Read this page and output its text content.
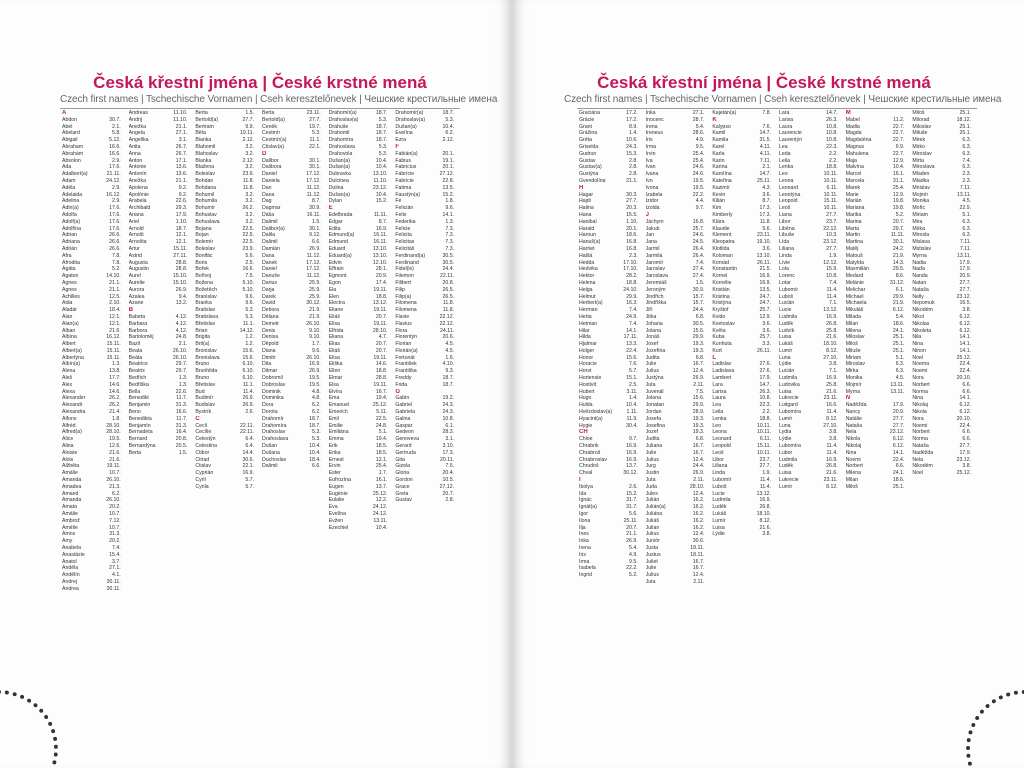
Česká křestní jména | České krstné mená
Czech first names | Tschechische Vornamen | Cseh keresztelőnevek | Чешские крестильные имена
A
Abdon	30.7.
Abel	2.1.
Abelard	5.8.
Abigail	5.12.
Abraham	16.6.
Abrahám	16.6.
Absolon	2.9.
Ada	17.6.
Adalbert(a)	21.11.
Adam	24.12.
Adéla	2.9.
Adelaida	16.12.
Adelina	2.9.
Adin(a)	17.6.
Adolfa	17.6.
Adolf(a)	17.6.
Adolfína	17.6.
Adrian	26.6.
Adriana	26.6.
Adrián	26.6.
Afra	7.8.
Afrodita	7.8.
Agáta	5.2.
Agaton	14.10.
Agnes	21.1.
Agnes	21.1.
Achilles	12.5.
Aida	2.10.
Aladár	18.4.
Alan	12.1.
Alan(a)	12.1.
Alban	21.6.
Albína	16.12.
Albert	15.11.
Albert(a)	15.11.
Albertýna	15.11.
Albín(a)	1.3.
Alena	13.8.
Aleš	17.7.
Alex	14.6.
Alexa	14.6.
Alexander	26.2.
Alexandr	26.2.
Alexandra	21.4.
Alfons	1.8.
Alfréd	28.10.
Alfred(a)	28.10.
Alice	19.5.
Alina	12.6.
Aloisie	21.6.
Alois	21.6.
Alžběta	19.11.
Amálie	10.7.
Amanda	26.10.
Amadea	21.3.
Amand	6.2.
Amanda	26.10.
Amata	20.2.
Amálie	10.7.
Ambrož	7.12.
Amélie	10.7.
Amos	31.3.
Amy	20.2.
Anabela	7.4.
Anastázie	15.4.
Anatol	3.7.
Anděla	27.1.
Andělín	4.1.
Andrej	30.11.
Andrea	30.11.
Andreas	11.10.
Andrij	11.10.
Anežka	21.1.
Angela	27.1.
Angelika	3.1.
Anita	26.7.
Anna	26.7.
Anton	17.1.
Antonie	13.6.
Antonín	13.6.
Anežka	21.1.
Apolena	9.2.
Apolónie	9.2.
Arabela	22.6.
Archibald	29.3.
Ariana	17.9.
Ariel	1.10.
Arnold	18.7.
Arnošt	12.1.
Arnošta	12.1.
Artur	15.11.
Astrid	27.11.
Augusta	28.8.
Augustin	28.8.
Aurel	15.10.
Aurelie	15.10.
Aurora	26.9.
Azalea	9.4.
Azarie	13.2.
B
Babeta	4.12.
Barbara	4.12.
Barbora	4.12.
Bartoloměj	24.8.
Bazil	2.1.
Beata	26.10.
Beáta	26.10.
Beatrice	29.7.
Beatrix	29.7.
Bedřich	1.3.
Bedřiška	1.3.
Bella	22.6.
Benedikt	11.7.
Benjamin	31.3.
Beno	16.6.
Benedikta	11.7.
Benjamín	31.3.
Bernadeta	16.4.
Bernard	20.8.
Bernardýna	20.5.
Berta	1.5.
Berta	1.5.
Bertold(a)	27.7.
Bertram	9.9.
Běta	19.11.
Bianka	2.12.
Blahomil	3.2.
Blahoslav	3.2.
Blanka	2.12.
Blažena	3.2.
Boleslav	23.9.
Bohdan	11.8.
Bohdana	11.8.
Bohumil	3.2.
Bohumila	3.2.
Bohumír	26.2.
Bohuslav	3.2.
Bohuslava	3.2.
Bojana	22.5.
Bojan	22.5.
Bolemír	22.5.
Boleslav	23.9.
Bonifác	5.6.
Boris	2.5.
Bořek	16.6.
Bořivoj	7.5.
Božena	5.10.
Božetěch	5.10.
Branislav	9.6.
Branka	9.6.
Bratislav	5.3.
Bratislava	5.3.
Břetislav	11.1.
Brian	14.12.
Brigita	1.2.
Brit(a)	1.2.
Bronislav	15.6.
Bronislava	15.6.
Bruno	6.10.
Brunhilda	6.10.
Bruno	6.10.
Břetislav	11.1.
Bud	11.4.
Budimír	26.9.
Budislav	26.9.
Bystrík	2.6.
C
Cecil	22.11.
Cecílie	22.11.
Celestýn	6.4.
Celestina	6.4.
Ctibor	14.4.
Ctirad	30.6.
Ctislav	22.1.
Cyprián	16.9.
Cyril	5.7.
Cyrila	5.7.
Berta	23.11.
Bertold(a)	27.7.
Čeněk	19.7.
Čestmír	5.3.
Čestmír(a)	11.1.
Čtislav(a)	22.1.
D
Dalibor	30.1.
Dalibora	30.1.
Daniel	17.12.
Daniela	17.12.
Dan	11.12.
Dana	11.12.
Dag	8.7.
Dagmar	30.9.
Dáša	16.11.
Dalimil	1.5.
Dalibor(a)	30.1.
Dalila	9.12.
Dalimil	6.6.
Damián	26.9.
Dana	11.12.
Danek	17.12.
Daniel	17.12.
Danuše	11.12.
Darius	25.9.
Darja	25.9.
Darek	25.9.
David	30.12.
Debora	21.9.
Dělana	21.9.
Demetr	26.10.
Denis	9.10.
Denisa	9.10.
Děpold	1.7.
Diana	9.6.
Dimitr	26.10.
Dita	16.9.
Ditmar	26.9.
Dobromil	19.5.
Dobroslav	19.5.
Dominik	4.8.
Dominika	4.8.
Dora	6.2.
Dorota	6.2.
Drahomír	18.7.
Drahomíra	18.7.
Drahoslav	5.3.
Drahoslava	5.3.
Dušan	10.4.
Dušana	10.4.
Duchoslav	18.4.
Dalimil	6.6.
Drahomír(a)	18.7.
Drahoslav(a)	5.3.
Drahuše	18.7.
Drahomil	18.7.
Drahomíra	18.7.
Drahoslava	5.3.
Drahovola	5.3.
Dušan(a)	10.4.
Dušan(a)	10.4.
Dubravka	13.10.
Dulcinea	11.10.
Dulina	23.12.
Dušan(a)	10.4.
Dylan	15.2.
E
Edelbrada	11.11.
Edgar	8.7.
Edita	16.9.
Edmund(a)	16.11.
Edmund	16.11.
Eduard	13.10.
Eduard(a)	13.10.
Edvin	12.10.
Effrain	28.1.
Egmont	20.9.
Egon	17.4.
Ela	19.11.
Elen	18.8.
Electra	13.12.
Eliane	19.11.
Eliáš	20.7.
Elisa	19.11.
Elfrida	28.10.
Eliana	4.7.
Elias	20.7.
Eliáš	20.7.
Elisa	19.11.
Eliška	14.6.
Ellen	18.8.
Elmar	28.8.
Elsa	19.11.
Elvíra	16.7.
Ema	19.4.
Emanuel	25.12.
Emerich	5.11.
Emil	22.5.
Emilie	24.8.
Emiliána	5.1.
Emma	19.4.
Erik	18.5.
Erika	18.5.
Ernest	12.1.
Ervin	25.4.
Ester	1.7.
Eufrozína	16.1.
Eugen	13.7.
Eugénie	25.12.
Eulalie	12.2.
Eva	24.12.
Evelína	24.12.
Evžen	13.11.
Ezechiel	10.4.
Drahomír(a)	18.7.
Drahoslav(a)	5.3.
Dušan(a)	10.4.
Evelína	6.2.
Ezra	2.12.
F
Fabián(a)	20.1.
Fabius	19.1.
Fabricius	20.1.
Fabrície	27.12.
Fabricie	22.8.
Fatima	13.5.
Faustýn(a)	15.2.
Fé	1.8.
Felicián	9.6.
Felix	14.1.
Federika	1.3.
Felicie	7.3.
Felicita	7.3.
Felicitas	7.3.
Felicitáš	7.3.
Ferdinand(a)	30.5.
Ferdinand	30.5.
Fidel(is)	24.4.
Filemon	22.11.
Filibert	20.8.
Filip	26.5.
Filip(a)	26.5.
Filomena	11.8.
Filomena	11.8.
Flavie	22.12.
Flavius	22.12.
Flora	24.11.
Florentýn	20.6.
Florian	4.5.
Florián(a)	4.5.
Fortunát	1.6.
František	4.10.
Františka	9.3.
Freddy	18.7.
Frida	18.7.
G
Gabin	19.2.
Gabriel	24.3.
Gabriela	24.3.
Galina	10.8.
Gaspar	6.1.
Gedeon	28.3.
Genoveva	3.1.
Gerard	3.10.
Gertruda	17.3.
Gita	20.11.
Gizela	7.5.
Gloria	20.4.
Gordon	10.5.
Grace	27.12.
Greta	20.7.
Gustav	2.8.
Česká křestní jména | České krstné mená
Czech first names | Tschechische Vornamen | Cseh keresztelőnevek | Чешские крестильные имена
Graciána	17.2.
Grácie	17.2.
Grant	8.9.
Grážina	1.4.
Gréta	10.6.
Griselda	24.3.
Gudrun	15.3.
Gustav	2.8.
Gustav(a)	2.8.
Gustýna	2.8.
Gvendolína	21.1.
H
Hagar	30.3.
Hajdi	27.7.
Halina	20.3.
Hana	15.5.
Hanibal	1.10.
Harald	20.1.
Haroun	18.6.
Hanuš(a)	16.8.
Harriet	16.8.
Hašlá	2.3.
Hedda	17.10.
Hedvika	17.10.
Hektor	28.2.
Helena	18.8.
Helga	24.10.
Helmut	29.9.
Herbert(a)	16.3.
Herman	7.4.
Herta	24.9.
Hetman	7.4.
Hilar	14.1.
Hilda	17.11.
Hjalmar	13.3.
Holger	22.4.
Honor	15.6.
Horacie	7.6.
Horst	5.7.
Hortensie	15.1.
Hostivít	2.5.
Hubert	3.11.
Hugo	1.4.
Hulda	10.4.
Hvězdoslav(a)	1.11.
Hyacint(a)	11.9.
Hygie	30.4.
CH
Chloe	9.7.
Chrabrik	16.9.
Chrabroš	16.9.
Chrabroslav	16.9.
Chrudoš	13.7.
Chval	30.12.
I
Ibolya	2.6.
Ida	15.2.
Ignác	31.7.
Ignát(a)	31.7.
Igor	5.6.
Ilona	25.11.
Ilja	20.7.
Ines	21.1.
Inka	26.9.
Irena	5.4.
Iris	4.9.
Irma	9.5.
Isabela	22.2.
Ingrid	5.2.
Inka	27.1.
Inocenc	28.7.
Irena	5.4.
Ireneus	28.6.
Iris	4.9.
Irma	9.5.
Irvin	25.4.
Iva	25.4.
Ivan	24.6.
Ivana	24.6.
Ivo	19.5.
Ivona	19.5.
Izabela	22.2.
Izidor	4.4.
Izolda	9.7.
J
Jáchym	16.8.
Jakub	25.7.
Jan	24.6.
Jana	24.5.
Jarmil	26.4.
Jarmila	26.4.
Jaromír	7.4.
Jaroslav	27.4.
Jaroslava	27.4.
Jeremiáš	1.5.
Jeroným	30.9.
Jindřich	15.7.
Jindřiška	15.7.
Jiří	24.4.
Jitka	6.8.
Johana	30.5.
Jolana	15.6.
Jonáš	29.9.
Josef	19.3.
Jozefína	19.3.
Judita	6.8.
Julie	16.7.
Julius	12.4.
Justýna	26.9.
Juta	2.11.
Juvenál	7.5.
Jolana	15.6.
Jonatan	29.9.
Jordan	28.9.
Josefa	19.3.
Josefina	19.3.
Jozef	19.3.
Judita	6.8.
Juliana	16.7.
Julie	16.7.
Julius	12.4.
Jurg	24.4.
Justin	26.9.
Juta	2.11.
Juda	28.10.
Jules	12.4.
Julián	16.2.
Julián(a)	16.2.
Juliána	16.2.
Juliáš	16.2.
Julian	16.2.
Julius	12.4.
Juniór	30.6.
Justa	18.11.
Justus	18.11.
Juliet	16.7.
Julie	16.7.
Julius	12.4.
Juta	2.11.
Kajetán(a)	7.8.
K
Kalypso	7.6.
Kamil	14.7.
Kamila	31.5.
Karel	4.11.
Karla	4.11.
Karin	7.11.
Karina	2.1.
Karolína	14.7.
Kateřina	25.11.
Kazimír	4.3.
Kevin	3.6.
Kilián	8.7.
Kim	17.3.
Kimberly	17.3.
Klára	11.8.
Klaudie	5.6.
Klement	23.11.
Kleopatra	19.10.
Klotilda	3.6.
Koloman	13.10.
Konrád	26.11.
Konstantin	21.5.
Kornel	16.9.
Kornélie	16.9.
Kristián	13.5.
Kristina	24.7.
Kristýna	24.7.
Kryštof	25.7.
Kvido	12.9.
Kvetoslav	3.6.
Květa	3.6.
Kuba	25.7.
Kunhuta	3.3.
Kurt	26.11.
L
Ladislav	27.6.
Ladislava	27.6.
Lambert	17.9.
Lara	14.7.
Larisa	26.3.
Laura	10.8.
Lea	22.3.
Leila	2.2.
Lenka	18.8.
Leo	10.11.
Leona	10.11.
Leonard	6.11.
Leopold	15.11.
Leoš	10.11.
Libor	23.7.
Liliana	27.7.
Linda	1.9.
Lubomír	11.4.
Luboš	11.4.
Lucie	13.12.
Ludmila	16.9.
Luděk	26.8.
Lukáš	18.10.
Lumír	8.12.
Luisa	21.6.
Lýdie	3.8.
Lara	14.7.
Larisa	26.3.
Laura	10.8.
Laurencie	10.8.
Laurentýn	10.8.
Lea	22.3.
Leda	2.2.
Leila	2.2.
Lenka	18.8.
Leo	10.11.
Leona	10.11.
Leonard	6.11.
Leontýna	10.11.
Leopold	15.11.
Leoš	10.11.
Liana	27.7.
Libor	23.7.
Liběna	22.12.
Libuše	10.3.
Lída	23.12.
Liliana	27.7.
Linda	1.9.
Lívie	12.12.
Lola	15.9.
Lorenc	10.8.
Lotar	7.4.
Lubomír	11.4.
Luboš	11.4.
Lucián	7.1.
Lucie	13.12.
Ludmila	16.9.
Luděk	26.8.
Ludvík	25.8.
Luisa	21.6.
Lukáš	18.10.
Lumír	8.12.
Luna	27.10.
Lýdie	3.8.
Lucián	7.1.
Ludmila	16.9.
Ludovika	25.8.
Luisa	21.6.
Lukrecie	23.11.
Luitgard	16.6.
Lubomíra	11.4.
Lumír	8.12.
Luna	27.10.
Lydia	3.8.
Lýdie	3.8.
Lubomíra	11.4.
Lubor	11.4.
Ludmila	16.9.
Luděk	26.8.
Luisa	21.6.
Lukrecie	23.11.
Lumír	8.12.
M
Mabel	11.2.
Madla	22.7.
Magda	22.7.
Magdaléna	22.7.
Magnus	6.9.
Mahulena	22.7.
Maja	12.9.
Malvína	10.4.
Marcel	16.1.
Marcela	31.1.
Marek	25.4.
Marie	12.9.
Marián	19.8.
Mariana	19.8.
Marika	5.2.
Marina	20.7.
Marta	29.7.
Martin	11.11.
Martina	30.1.
Matěj	24.2.
Matouš	21.9.
Matylda	14.3.
Maxmilián	29.5.
Medard	8.6.
Melánie	31.12.
Melichar	6.1.
Michael	29.9.
Michaela	21.9.
Mikuláš	6.12.
Milada	5.4.
Milan	18.6.
Milena	24.1.
Miloslav	25.1.
Miloš	25.1.
Miluše	25.1.
Miriam	5.1.
Miroslav	6.3.
Mirka	6.3.
Monika	4.5.
Mojmír	13.11.
Myrna	13.11.
N
Naděžda	17.9.
Nancy	20.9.
Natálie	27.7.
Nataša	27.7.
Nela	23.12.
Nikola	6.12.
Nikolaj	6.12.
Nina	14.1.
Noemi	22.4.
Norbert	6.6.
Milena	24.1.
Milan	18.6.
Miloš	25.1.
Miloš	25.1.
Milorad	18.12.
Miloslav	25.1.
Miluše	25.1.
Mirek	6.3.
Mirko	6.3.
Miroslav	6.3.
Mirta	7.4.
Miroslava	6.3.
Mladen	2.3.
Mladka	2.3.
Mnislav	7.11.
Mojmír	13.11.
Monika	4.5.
Mořic	22.9.
Miriam	5.1.
Mira	6.3.
Mirka	6.3.
Mirosla	6.3.
Mislava	7.11.
Mstislav	7.11.
Myrna	13.11.
Nadia	17.9.
Naďa	17.9.
Nanda	20.9.
Natan	27.7.
Nataša	27.7.
Nelly	23.12.
Nepomuk	16.5.
Nikodém	3.8.
Nikol	6.12.
Nikolas	6.12.
Nikoleta	6.12.
Nila	14.1.
Nina	14.1.
Ninon	14.1.
Noel	25.12.
Noema	22.4.
Noemi	22.4.
Nora	20.10.
Norbert	6.6.
Norma	6.6.
Nina	14.1.
Nikolaj	6.12.
Nikola	6.12.
Nora	20.10.
Noemi	22.4.
Norbert	6.6.
Norma	6.6.
Nataša	27.7.
Naděžda	17.9.
Nela	23.12.
Nikodém	3.8.
Noel	25.12.
